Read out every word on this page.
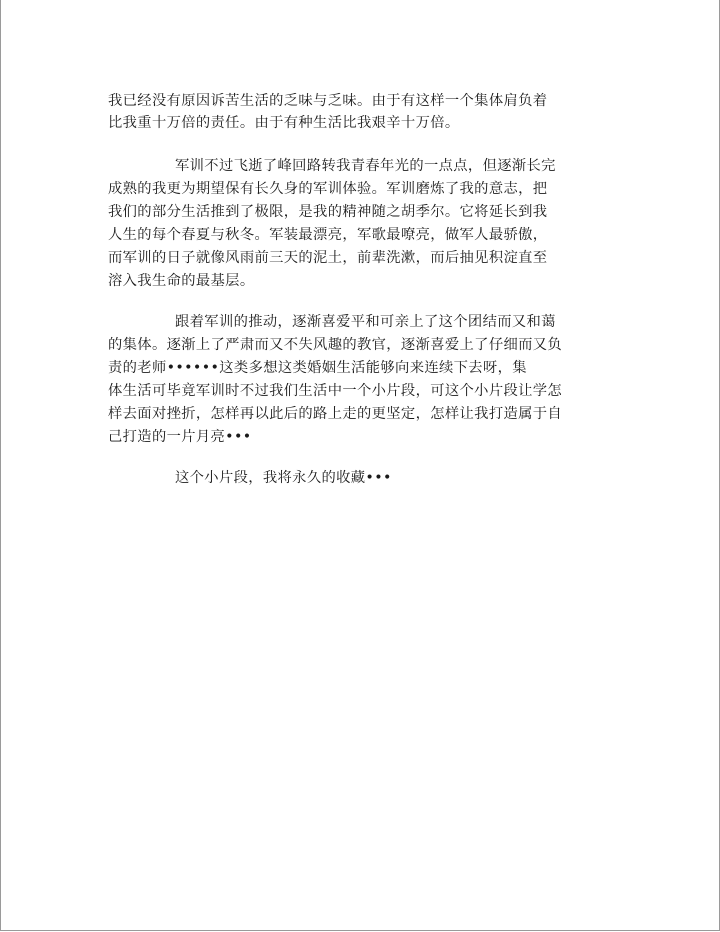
我已经没有原因诉苦生活的乏味与乏味。由于有这样一个集体肩负着
比我重十万倍的责任。由于有种生活比我艰辛十万倍。
军训不过飞逝了峰回路转我青春年光的一点点，但逐渐长完
成熟的我更为期望保有长久身的军训体验。军训磨炼了我的意志，把
我们的部分生活推到了极限，是我的精神随之胡季尔。它将延长到我
人生的每个春夏与秋冬。军装最漂亮，军歌最嘹亮，做军人最骄傲，
而军训的日子就像风雨前三天的泥土，前辈洗漱，而后抽见积淀直至
溶入我生命的最基层。
跟着军训的推动，逐渐喜爱平和可亲上了这个团结而又和蔼
的集体。逐渐上了严肃而又不失风趣的教官，逐渐喜爱上了仔细而又负
责的老师••••••这类多想这类婚姻生活能够向来连续下去呀，集
体生活可毕竟军训时不过我们生活中一个小片段，可这个小片段让学怎
样去面对挫折，怎样再以此后的路上走的更坚定，怎样让我打造属于自
己打造的一片月亮•••
这个小片段，我将永久的收藏•••
